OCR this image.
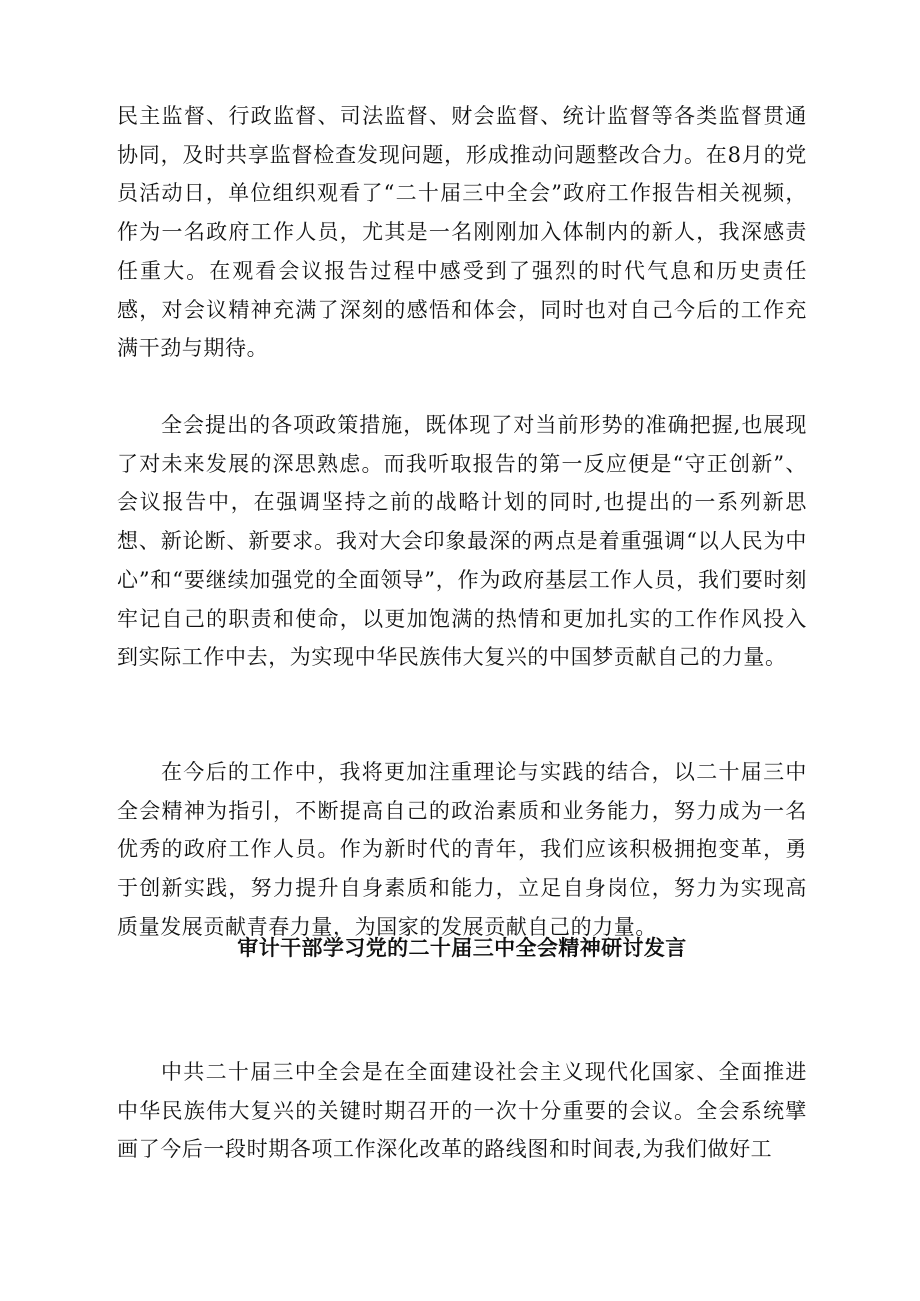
民主监督、行政监督、司法监督、财会监督、统计监督等各类监督贯通协同，及时共享监督检查发现问题，形成推动问题整改合力。在8月的党员活动日，单位组织观看了“二十届三中全会”政府工作报告相关视频，作为一名政府工作人员，尤其是一名刚刚加入体制内的新人，我深感责任重大。在观看会议报告过程中感受到了强烈的时代气息和历史责任感，对会议精神充满了深刻的感悟和体会，同时也对自己今后的工作充满干劲与期待。

全会提出的各项政策措施，既体现了对当前形势的准确把握,也展现了对未来发展的深思熟虑。而我听取报告的第一反应便是“守正创新”、会议报告中，在强调坚持之前的战略计划的同时,也提出的一系列新思想、新论断、新要求。我对大会印象最深的两点是着重强调“以人民为中心”和“要继续加强党的全面领导”，作为政府基层工作人员，我们要时刻牢记自己的职责和使命，以更加饱满的热情和更加扎实的工作作风投入到实际工作中去，为实现中华民族伟大复兴的中国梦贡献自己的力量。

在今后的工作中，我将更加注重理论与实践的结合，以二十届三中全会精神为指引，不断提高自己的政治素质和业务能力，努力成为一名优秀的政府工作人员。作为新时代的青年，我们应该积极拥抱变革，勇于创新实践，努力提升自身素质和能力，立足自身岗位，努力为实现高质量发展贡献青春力量，为国家的发展贡献自己的力量。

审计干部学习党的二十届三中全会精神研讨发言

中共二十届三中全会是在全面建设社会主义现代化国家、全面推进中华民族伟大复兴的关键时期召开的一次十分重要的会议。全会系统擘画了今后一段时期各项工作深化改革的路线图和时间表,为我们做好工
